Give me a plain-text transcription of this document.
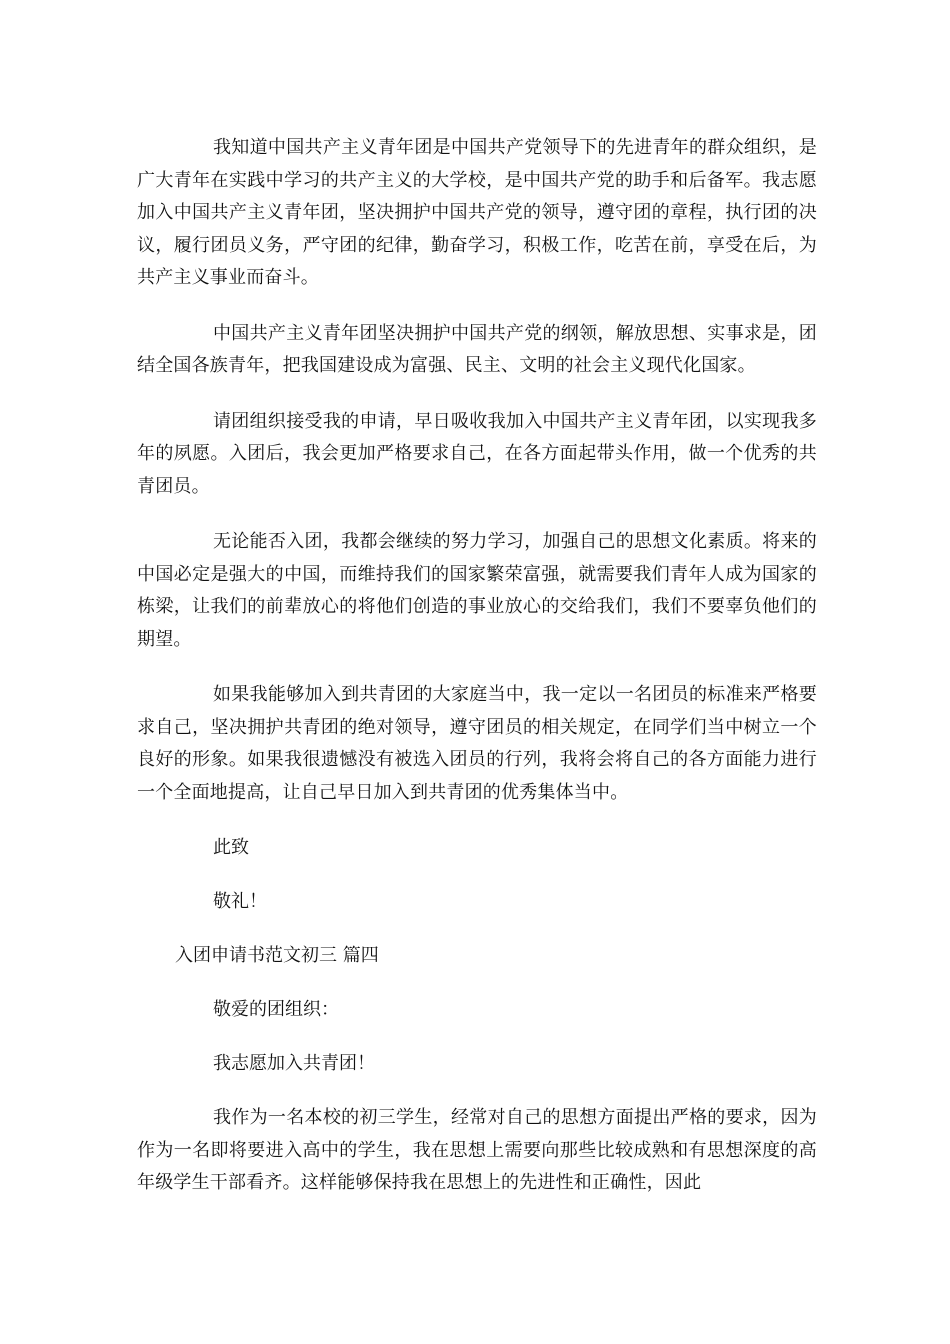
我知道中国共产主义青年团是中国共产党领导下的先进青年的群众组织，是广大青年在实践中学习的共产主义的大学校，是中国共产党的助手和后备军。我志愿加入中国共产主义青年团，坚决拥护中国共产党的领导，遵守团的章程，执行团的决议，履行团员义务，严守团的纪律，勤奋学习，积极工作，吃苦在前，享受在后，为共产主义事业而奋斗。

中国共产主义青年团坚决拥护中国共产党的纲领，解放思想、实事求是，团结全国各族青年，把我国建设成为富强、民主、文明的社会主义现代化国家。

请团组织接受我的申请，早日吸收我加入中国共产主义青年团，以实现我多年的夙愿。入团后，我会更加严格要求自己，在各方面起带头作用，做一个优秀的共青团员。

无论能否入团，我都会继续的努力学习，加强自己的思想文化素质。将来的中国必定是强大的中国，而维持我们的国家繁荣富强，就需要我们青年人成为国家的栋梁，让我们的前辈放心的将他们创造的事业放心的交给我们，我们不要辜负他们的期望。

如果我能够加入到共青团的大家庭当中，我一定以一名团员的标准来严格要求自己，坚决拥护共青团的绝对领导，遵守团员的相关规定，在同学们当中树立一个良好的形象。如果我很遗憾没有被选入团员的行列，我将会将自己的各方面能力进行一个全面地提高，让自己早日加入到共青团的优秀集体当中。

此致

敬礼！

入团申请书范文初三 篇四

敬爱的团组织：

我志愿加入共青团！

我作为一名本校的初三学生，经常对自己的思想方面提出严格的要求，因为作为一名即将要进入高中的学生，我在思想上需要向那些比较成熟和有思想深度的高年级学生干部看齐。这样能够保持我在思想上的先进性和正确性，因此
